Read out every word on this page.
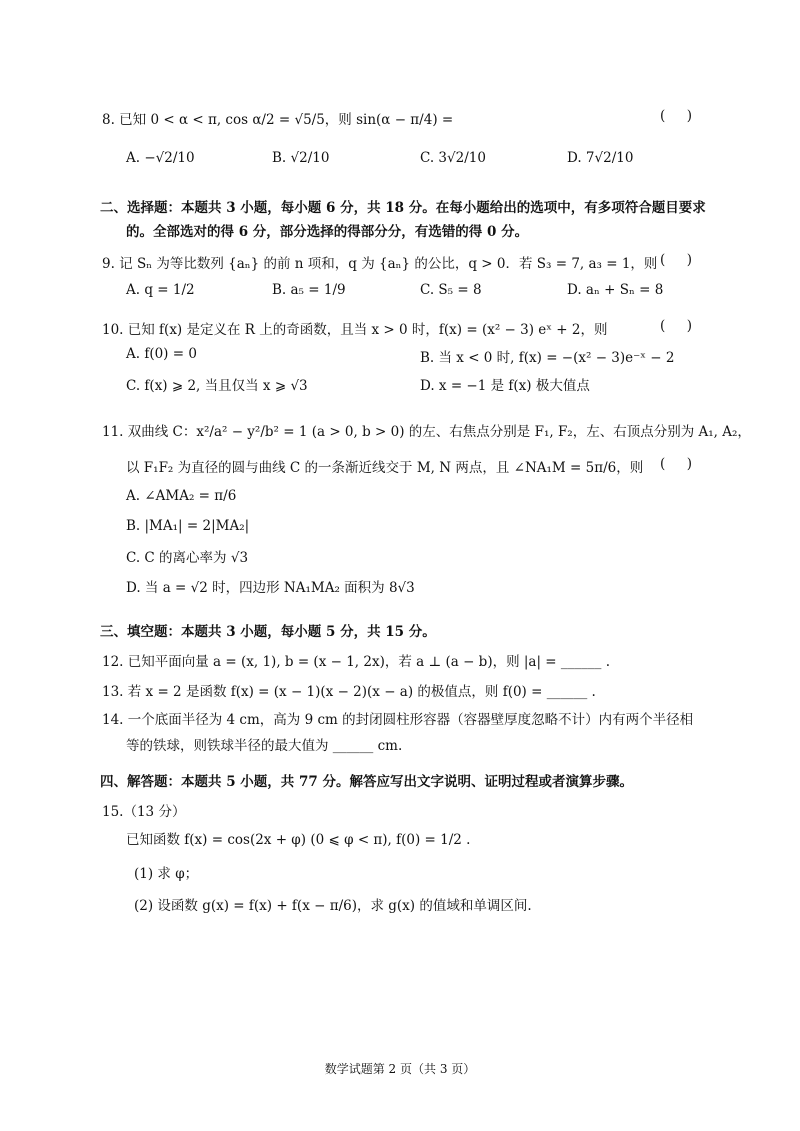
8. 已知 0 < α < π, cos α/2 = √5/5，则 sin(α − π/4) =	(     )
A. −√2/10	B. √2/10	C. 3√2/10	D. 7√2/10
二、选择题：本题共 3 小题，每小题 6 分，共 18 分。在每小题给出的选项中，有多项符合题目要求
的。全部选对的得 6 分，部分选择的得部分分，有选错的得 0 分。
9. 记 Sₙ 为等比数列 {aₙ} 的前 n 项和，q 为 {aₙ} 的公比，q > 0．若 S₃ = 7, a₃ = 1，则 (     )
A. q = 1/2	B. a₅ = 1/9	C. S₅ = 8	D. aₙ + Sₙ = 8
10. 已知 f(x) 是定义在 R 上的奇函数，且当 x > 0 时，f(x) = (x² − 3) eˣ + 2，则	(     )
A. f(0) = 0	B. 当 x < 0 时, f(x) = −(x² − 3)e⁻ˣ − 2
C. f(x) ⩾ 2, 当且仅当 x ⩾ √3	D. x = −1 是 f(x) 极大值点
11. 双曲线 C：x²/a² − y²/b² = 1 (a > 0, b > 0) 的左、右焦点分别是 F₁, F₂，左、右顶点分别为 A₁, A₂，
以 F₁F₂ 为直径的圆与曲线 C 的一条渐近线交于 M, N 两点，且 ∠NA₁M = 5π/6，则 (     )
A. ∠AMA₂ = π/6
B. |MA₁| = 2|MA₂|
C. C 的离心率为 √3
D. 当 a = √2 时，四边形 NA₁MA₂ 面积为 8√3
三、填空题：本题共 3 小题，每小题 5 分，共 15 分。
12. 已知平面向量 a = (x, 1), b = (x − 1, 2x)，若 a ⊥ (a − b)，则 |a| = ______ .
13. 若 x = 2 是函数 f(x) = (x − 1)(x − 2)(x − a) 的极值点，则 f(0) = ______ .
14. 一个底面半径为 4 cm，高为 9 cm 的封闭圆柱形容器（容器壁厚度忽略不计）内有两个半径相
等的铁球，则铁球半径的最大值为 ______ cm.
四、解答题：本题共 5 小题，共 77 分。解答应写出文字说明、证明过程或者演算步骤。
15.（13 分）
已知函数 f(x) = cos(2x + φ) (0 ⩽ φ < π), f(0) = 1/2 .
(1) 求 φ；
(2) 设函数 g(x) = f(x) + f(x − π/6)，求 g(x) 的值域和单调区间.
数学试题第 2 页（共 3 页）
